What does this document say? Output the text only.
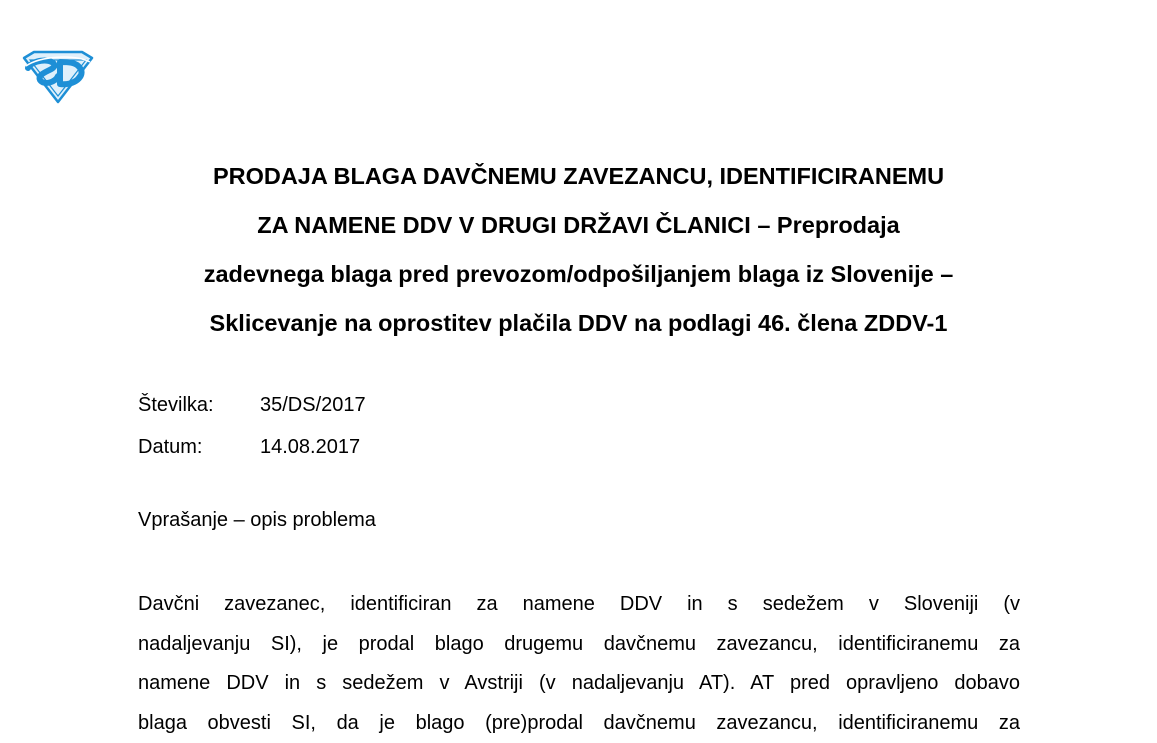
PRODAJA BLAGA DAVČNEMU ZAVEZANCU, IDENTIFICIRANEMU
ZA NAMENE DDV V DRUGI DRŽAVI ČLANICI – Preprodaja
zadevnega blaga pred prevozom/odpošiljanjem blaga iz Slovenije –
Sklicevanje na oprostitev plačila DDV na podlagi 46. člena ZDDV-1
Številka:	35/DS/2017
Datum:	14.08.2017
Vprašanje – opis problema
Davčni zavezanec, identificiran za namene DDV in s sedežem v Sloveniji (v
nadaljevanju SI), je prodal blago drugemu davčnemu zavezancu, identificiranemu za
namene DDV in s sedežem v Avstriji (v nadaljevanju AT). AT pred opravljeno dobavo
blaga obvesti SI, da je blago (pre)prodal davčnemu zavezancu, identificiranemu za
